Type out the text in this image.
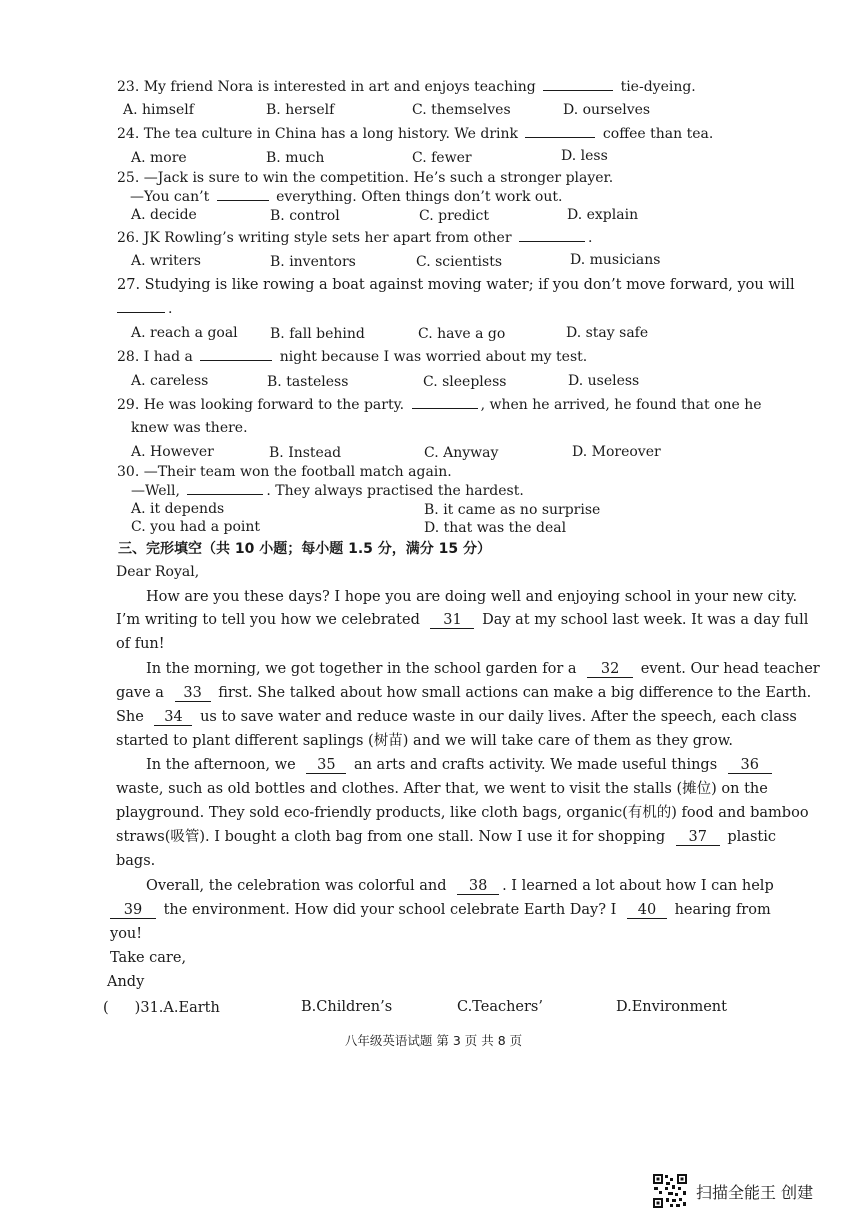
23. My friend Nora is interested in art and enjoys teaching	tie-dyeing.
A. himself	B. herself	C. themselves	D. ourselves
24. The tea culture in China has a long history. We drink	coffee than tea.
A. more	B. much	C. fewer	D. less
25. —Jack is sure to win the competition. He’s such a stronger player.
—You can’t	everything. Often things don’t work out.
A. decide	B. control	C. predict	D. explain
26. JK Rowling’s writing style sets her apart from other	.
A. writers	B. inventors	C. scientists	D. musicians
27. Studying is like rowing a boat against moving water; if you don’t move forward, you will
.
A. reach a goal B. fall behind	C. have a go	D. stay safe
28. I had a	night because I was worried about my test.
A. careless	B. tasteless	C. sleepless	D. useless
29. He was looking forward to the party.	, when he arrived, he found that one he
knew was there.
A. However	B. Instead	C. Anyway	D. Moreover
30. —Their team won the football match again.
—Well,	. They always practised the hardest.
A. it depends	B. it came as no surprise
C. you had a point	D. that was the deal
三、完形填空（共 10 小题；每小题 1.5 分，满分 15 分）
Dear Royal,
How are you these days? I hope you are doing well and enjoying school in your new city.
I’m writing to tell you how we celebrated 31 Day at my school last week. It was a day full
of fun!
In the morning, we got together in the school garden for a 32 event. Our head teacher
gave a 33 first. She talked about how small actions can make a big difference to the Earth.
She 34 us to save water and reduce waste in our daily lives. After the speech, each class
started to plant different saplings (树苗) and we will take care of them as they grow.
In the afternoon, we 35 an arts and crafts activity. We made useful things 36
waste, such as old bottles and clothes. After that, we went to visit the stalls (摊位) on the
playground. They sold eco-friendly products, like cloth bags, organic(有机的) food and bamboo
straws(吸管). I bought a cloth bag from one stall. Now I use it for shopping 37 plastic
bags.
Overall, the celebration was colorful and 38 . I learned a lot about how I can help
39 the environment. How did your school celebrate Earth Day? I 40 hearing from
you!
Take care,
Andy
( )31.A.Earth	B.Children’s	C.Teachers’	D.Environment
八年级英语试题 第 3 页 共 8 页
扫描全能王 创建
